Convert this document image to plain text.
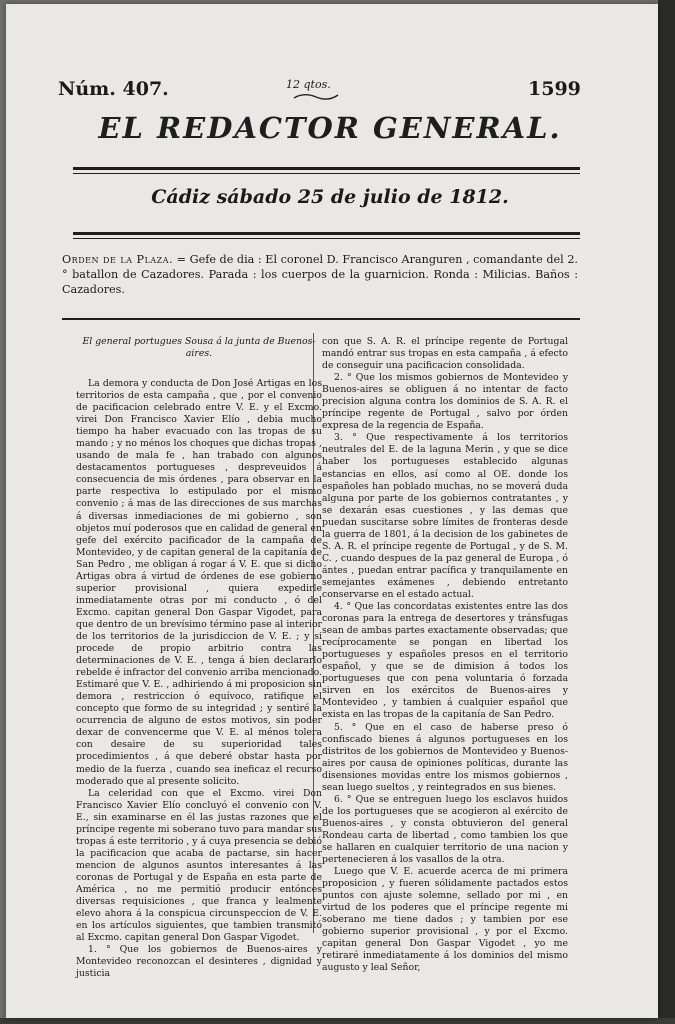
Núm. 407.	12 qtos.	1599
EL REDACTOR GENERAL.
Cádiz sábado 25 de julio de 1812.
Orden de la Plaza. = Gefe de dia : El coronel D. Francisco Aranguren , comandante del 2. ° batallon de Cazadores. Parada : los cuerpos de la guarnicion. Ronda : Milicias. Baños : Cazadores.

El general portugues Sousa á la junta de Buenos-aires.

La demora y conducta de Don José Artigas en los territorios de esta campaña , que , por el convenio de pacificacion celebrado entre V. E. y el Excmo. virei Don Francisco Xavier Elío , debia mucho tiempo ha haber evacuado con las tropas de su mando ; y no ménos los choques que dichas tropas , usando de mala fe , han trabado con algunos destacamentos portugueses , despreveuidos á consecuencia de mis órdenes , para observar en la parte respectiva lo estipulado por el mismo convenio ; á mas de las direcciones de sus marchas á diversas inmediaciones de mi gobierno , son objetos muí poderosos que en calidad de general en gefe del exército pacificador de la campaña de Montevideo, y de capitan general de la capitanía de San Pedro , me obligan á rogar á V. E. que si dicho Artigas obra á virtud de órdenes de ese gobierno superior provisional , quiera expedirle inmediatamente otras por mi conducto , ó del Excmo. capitan general Don Gaspar Vigodet, para que dentro de un brevísimo término pase al interior de los territorios de la jurisdiccion de V. E. ; y si procede de propio arbitrio contra las determinaciones de V. E. , tenga á bien declararlo rebelde é infractor del convenio arriba mencionado. Estimaré que V. E. , adhiriendo á mi proposicion sin demora , restriccion ó equívoco, ratifique el concepto que formo de su integridad ; y sentiré la ocurrencia de alguno de estos motivos, sin poder dexar de convencerme que V. E. al ménos tolera con desaire de su superioridad tales procedimientos , á que deberé obstar hasta por medio de la fuerza , cuando sea ineficaz el recurso moderado que al presente solicito.

La celeridad con que el Excmo. virei Don Francisco Xavier Elío concluyó el convenio con V. E., sin examinarse en él las justas razones que el príncipe regente mi soberano tuvo para mandar sus tropas á este territorio , y á cuya presencia se debió la pacificacion que acaba de pactarse, sin hacer mencion de algunos asuntos interesantes á las coronas de Portugal y de España en esta parte de América , no me permitió producir entónces diversas requisiciones , que franca y lealmente elevo ahora á la conspicua circunspeccion de V. E. en los artículos siguientes, que tambien transmitó al Excmo. capitan general Don Gaspar Vigodet.

1. ° Que los gobiernos de Buenos-aires y Montevideo reconozcan el desinteres , dignidad y justicia

con que S. A. R. el príncipe regente de Portugal mandó entrar sus tropas en esta campaña , á efecto de conseguir una pacificacion consolidada.

2. ° Que los mismos gobiernos de Montevideo y Buenos-aires se obliguen á no intentar de facto precision alguna contra los dominios de S. A. R. el príncipe regente de Portugal , salvo por órden expresa de la regencia de España.

3. ° Que respectivamente á los territorios neutrales del E. de la laguna Merin , y que se dice haber los portugueses establecido algunas estancias en ellos, así como al OE. donde los españoles han poblado muchas, no se moverá duda alguna por parte de los gobiernos contratantes , y se dexarán esas cuestiones , y las demas que puedan suscitarse sobre límites de fronteras desde la guerra de 1801, á la decision de los gabinetes de S. A. R. el príncipe regente de Portugal , y de S. M. C. , cuando despues de la paz general de Europa , ó ántes , puedan entrar pacífica y tranquilamente en semejantes exámenes , debiendo entretanto conservarse en el estado actual.

4. ° Que las concordatas existentes entre las dos coronas para la entrega de desertores y tránsfugas sean de ambas partes exactamente observadas; que recíprocamente se pongan en libertad los portugueses y españoles presos en el territorio español, y que se de dimision á todos los portugueses que con pena voluntaria ó forzada sirven en los exércitos de Buenos-aires y Montevideo , y tambien á cualquier español que exista en las tropas de la capitanía de San Pedro.

5. ° Que en el caso de haberse preso ó confiscado bienes á algunos portugueses en los distritos de los gobiernos de Montevideo y Buenos-aires por causa de opiniones políticas, durante las disensiones movidas entre los mismos gobiernos , sean luego sueltos , y reintegrados en sus bienes.

6. ° Que se entreguen luego los esclavos huidos de los portugueses que se acogieron al exército de Buenos-aires , y consta obtuvieron del general Rondeau carta de libertad , como tambien los que se hallaren en cualquier territorio de una nacion y pertenecieren á los vasallos de la otra.

Luego que V. E. acuerde acerca de mi primera proposicion , y fueren sólidamente pactados estos puntos con ajuste solemne, sellado por mi , en virtud de los poderes que el príncipe regente mi soberano me tiene dados ; y tambien por ese gobierno superior provisional , y por el Excmo. capitan general Don Gaspar Vigodet , yo me retiraré inmediatamente á los dominios del mismo augusto y leal Señor,
